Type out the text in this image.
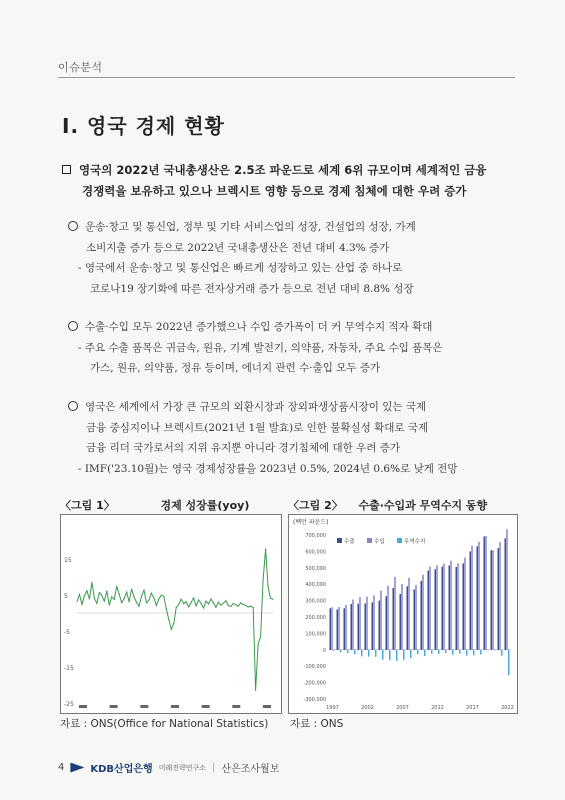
이슈분석
Ⅰ. 영국 경제 현황
영국의 2022년 국내총생산은 2.5조 파운드로 세계 6위 규모이며 세계적인 금융
경쟁력을 보유하고 있으나 브렉시트 영향 등으로 경제 침체에 대한 우려 증가
운송·창고 및 통신업, 정부 및 기타 서비스업의 성장, 건설업의 성장, 가계
소비지출 증가 등으로 2022년 국내총생산은 전년 대비 4.3% 증가
- 영국에서 운송·창고 및 통신업은 빠르게 성장하고 있는 산업 중 하나로
코로나19 장기화에 따른 전자상거래 증가 등으로 전년 대비 8.8% 성장
수출·수입 모두 2022년 증가했으나 수입 증가폭이 더 커 무역수지 적자 확대
- 주요 수출 품목은 귀금속, 원유, 기계 발전기, 의약품, 자동차, 주요 수입 품목은
가스, 원유, 의약품, 정유 등이며, 에너지 관련 수·출입 모두 증가
영국은 세계에서 가장 큰 규모의 외환시장과 장외파생상품시장이 있는 국제
금융 중심지이나 브렉시트(2021년 1월 발효)로 인한 불확실성 확대로 국제
금융 리더 국가로서의 지위 유지뿐 아니라 경기침체에 대한 우려 증가
- IMF('23.10월)는 영국 경제성장률을 2023년 0.5%, 2024년 0.6%로 낮게 전망
〈그림 1〉	경제 성장률(yoy)
15
5
-5
-15
-25
자료 : ONS(Office for National Statistics)
〈그림 2〉 수출·수입과 무역수지 동향
(백만 파운드)
700,000
600,000
500,000
400,000
300,000
200,000
100,000
0
-100,000
-200,000
-300,000
1997	2002	2007	2012	2017	2022
수출	수입	무역수지
자료 : ONS
4	KDB산업은행 미래전략연구소 | 산은조사월보
